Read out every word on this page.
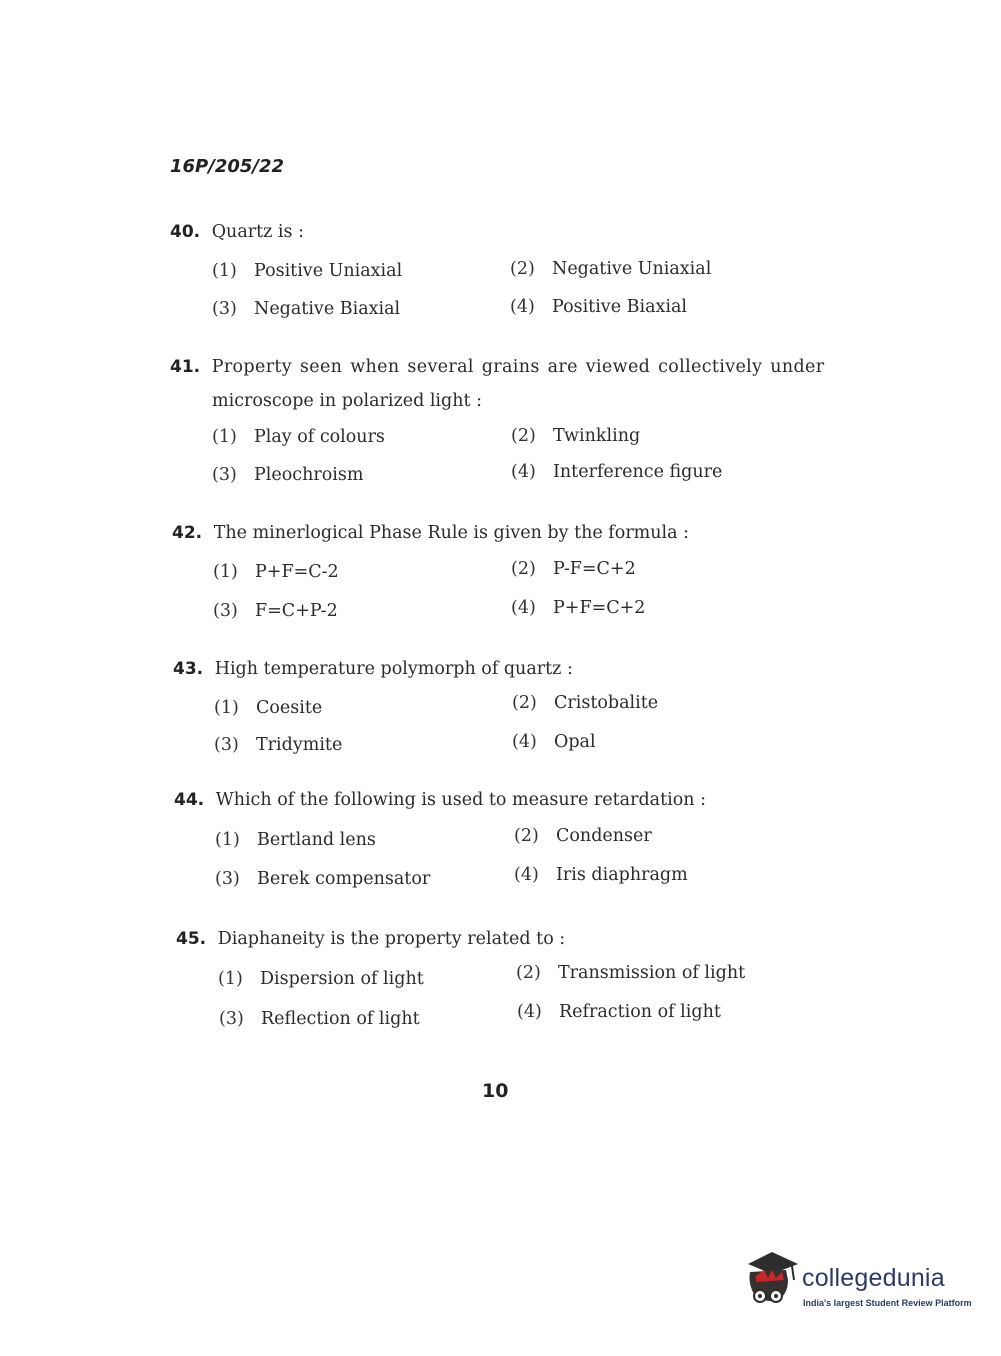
16P/205/22
40. Quartz is :
(1) Positive Uniaxial	(2) Negative Uniaxial
(3) Negative Biaxial	(4) Positive Biaxial
41. Property seen when several grains are viewed collectively under
microscope in polarized light :
(1) Play of colours	(2) Twinkling
(3) Pleochroism	(4) Interference figure
42. The minerlogical Phase Rule is given by the formula :
(1) P+F=C-2	(2) P-F=C+2
(3) F=C+P-2	(4) P+F=C+2
43. High temperature polymorph of quartz :
(1) Coesite	(2) Cristobalite
(3) Tridymite	(4) Opal
44. Which of the following is used to measure retardation :
(1) Bertland lens	(2) Condenser
(3) Berek compensator	(4) Iris diaphragm
45. Diaphaneity is the property related to :
(1) Dispersion of light	(2) Transmission of light
(3) Reflection of light	(4) Refraction of light
10
collegedunia
India's largest Student Review Platform
